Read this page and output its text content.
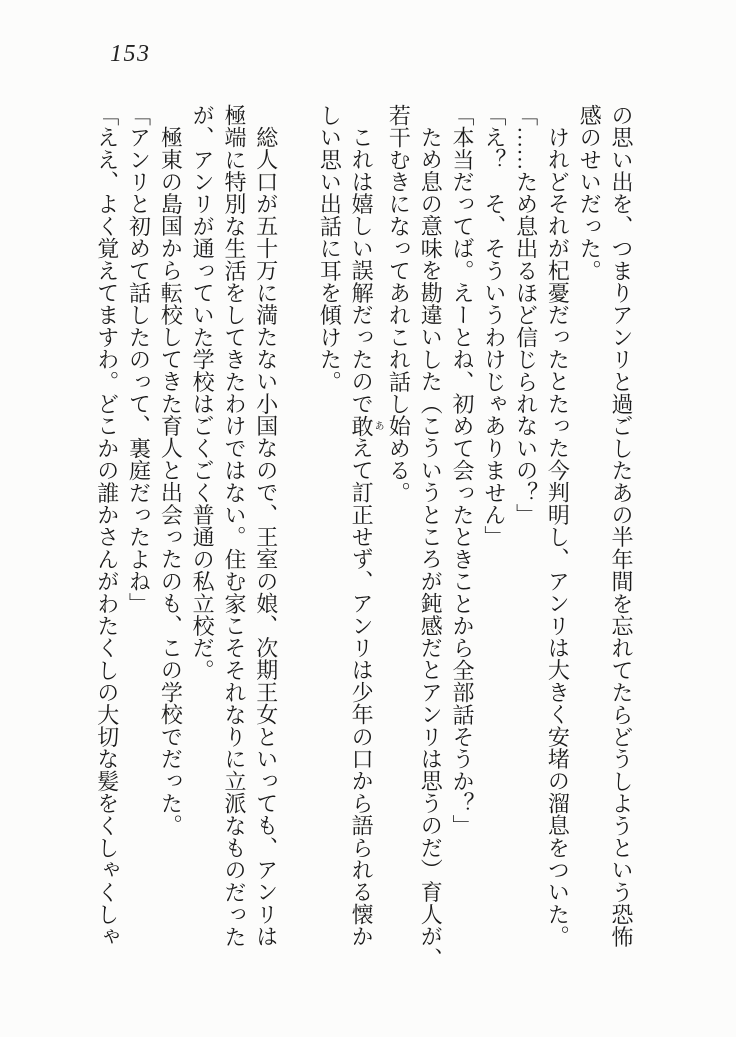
153

の思い出を、つまりアンリと過ごしたあの半年間を忘れてたらどうしようという恐怖

感のせいだった。

けれどそれが杞憂だったとたった今判明し、アンリは大きく安堵の溜息をついた。

「……ため息出るほど信じられないの？」

「え？　そ、そういうわけじゃありません」

「本当だってば。えーとね、初めて会ったときことから全部話そうか？」

ため息の意味を勘違いした（こういうところが鈍感だとアンリは思うのだ）育人が、

若干むきになってあれこれ話し始める。

これは嬉しい誤解だったので敢あえて訂正せず、アンリは少年の口から語られる懐か

しい思い出話に耳を傾けた。

総人口が五十万に満たない小国なので、王室の娘、次期王女といっても、アンリは

極端に特別な生活をしてきたわけではない。住む家こそそれなりに立派なものだった

が、アンリが通っていた学校はごくごく普通の私立校だ。

極東の島国から転校してきた育人と出会ったのも、この学校でだった。

「アンリと初めて話したのって、裏庭だったよね」

「ええ、よく覚えてますわ。どこかの誰かさんがわたくしの大切な髪をくしゃくしゃ
